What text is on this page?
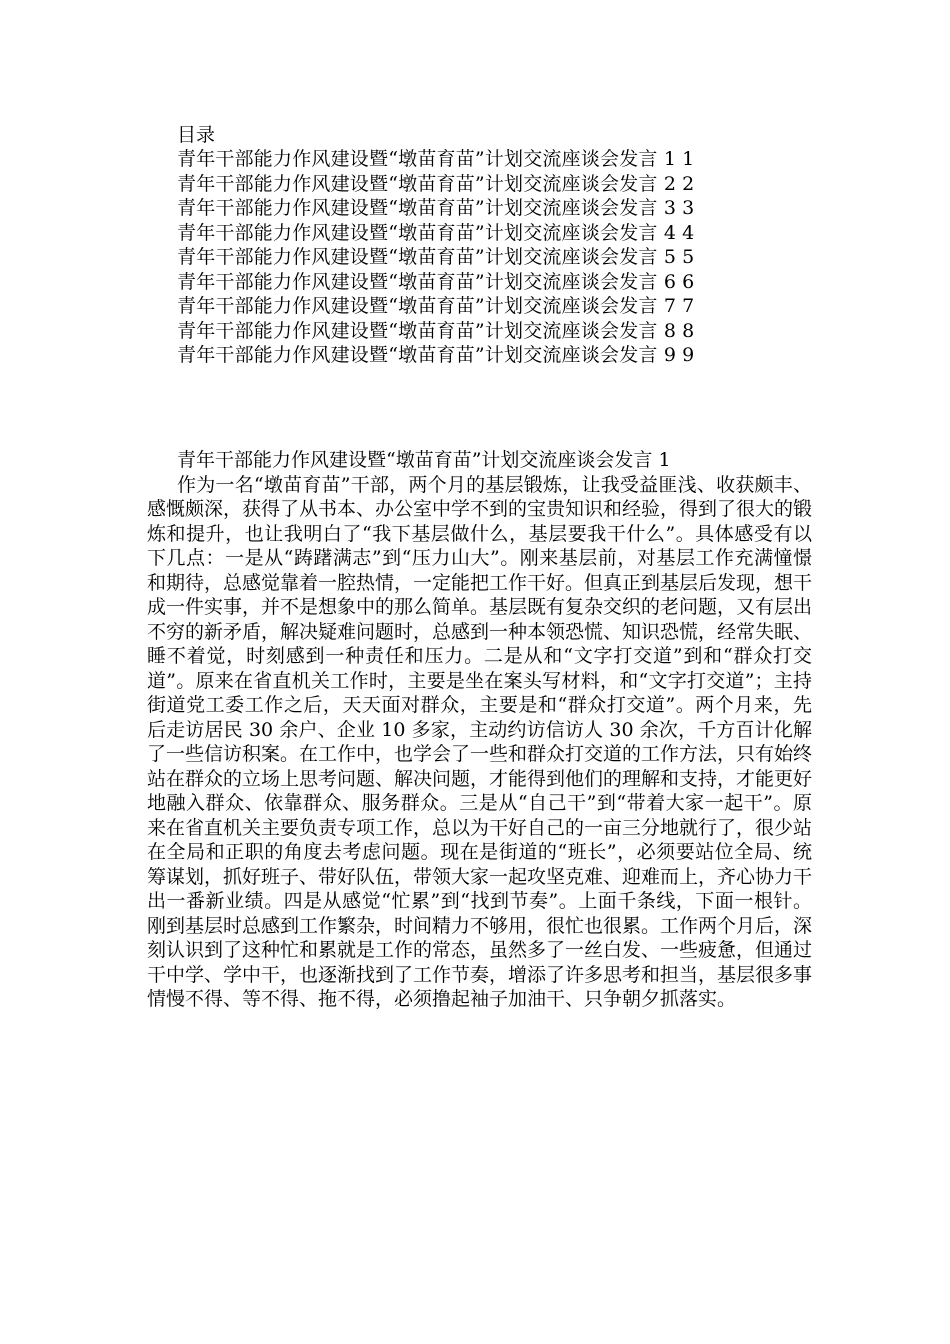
目录
青年干部能力作风建设暨“墩苗育苗”计划交流座谈会发言 1 1
青年干部能力作风建设暨“墩苗育苗”计划交流座谈会发言 2 2
青年干部能力作风建设暨“墩苗育苗”计划交流座谈会发言 3 3
青年干部能力作风建设暨“墩苗育苗”计划交流座谈会发言 4 4
青年干部能力作风建设暨“墩苗育苗”计划交流座谈会发言 5 5
青年干部能力作风建设暨“墩苗育苗”计划交流座谈会发言 6 6
青年干部能力作风建设暨“墩苗育苗”计划交流座谈会发言 7 7
青年干部能力作风建设暨“墩苗育苗”计划交流座谈会发言 8 8
青年干部能力作风建设暨“墩苗育苗”计划交流座谈会发言 9 9
青年干部能力作风建设暨“墩苗育苗”计划交流座谈会发言 1

作为一名“墩苗育苗”干部，两个月的基层锻炼，让我受益匪浅、收获颇丰、感慨颇深，获得了从书本、办公室中学不到的宝贵知识和经验，得到了很大的锻炼和提升，也让我明白了“我下基层做什么，基层要我干什么”。具体感受有以下几点：一是从“踌躇满志”到“压力山大”。刚来基层前，对基层工作充满憧憬和期待，总感觉靠着一腔热情，一定能把工作干好。但真正到基层后发现，想干成一件实事，并不是想象中的那么简单。基层既有复杂交织的老问题，又有层出不穷的新矛盾，解决疑难问题时，总感到一种本领恐慌、知识恐慌，经常失眠、睡不着觉，时刻感到一种责任和压力。二是从和“文字打交道”到和“群众打交道”。原来在省直机关工作时，主要是坐在案头写材料，和“文字打交道”；主持街道党工委工作之后，天天面对群众，主要是和“群众打交道”。两个月来，先后走访居民 30 余户、企业 10 多家，主动约访信访人 30 余次，千方百计化解了一些信访积案。在工作中，也学会了一些和群众打交道的工作方法，只有始终站在群众的立场上思考问题、解决问题，才能得到他们的理解和支持，才能更好地融入群众、依靠群众、服务群众。三是从“自己干”到“带着大家一起干”。原来在省直机关主要负责专项工作，总以为干好自己的一亩三分地就行了，很少站在全局和正职的角度去考虑问题。现在是街道的“班长”，必须要站位全局、统筹谋划，抓好班子、带好队伍，带领大家一起攻坚克难、迎难而上，齐心协力干出一番新业绩。四是从感觉“忙累”到“找到节奏”。上面千条线，下面一根针。刚到基层时总感到工作繁杂，时间精力不够用，很忙也很累。工作两个月后，深刻认识到了这种忙和累就是工作的常态，虽然多了一丝白发、一些疲惫，但通过干中学、学中干，也逐渐找到了工作节奏，增添了许多思考和担当，基层很多事情慢不得、等不得、拖不得，必须撸起袖子加油干、只争朝夕抓落实。
